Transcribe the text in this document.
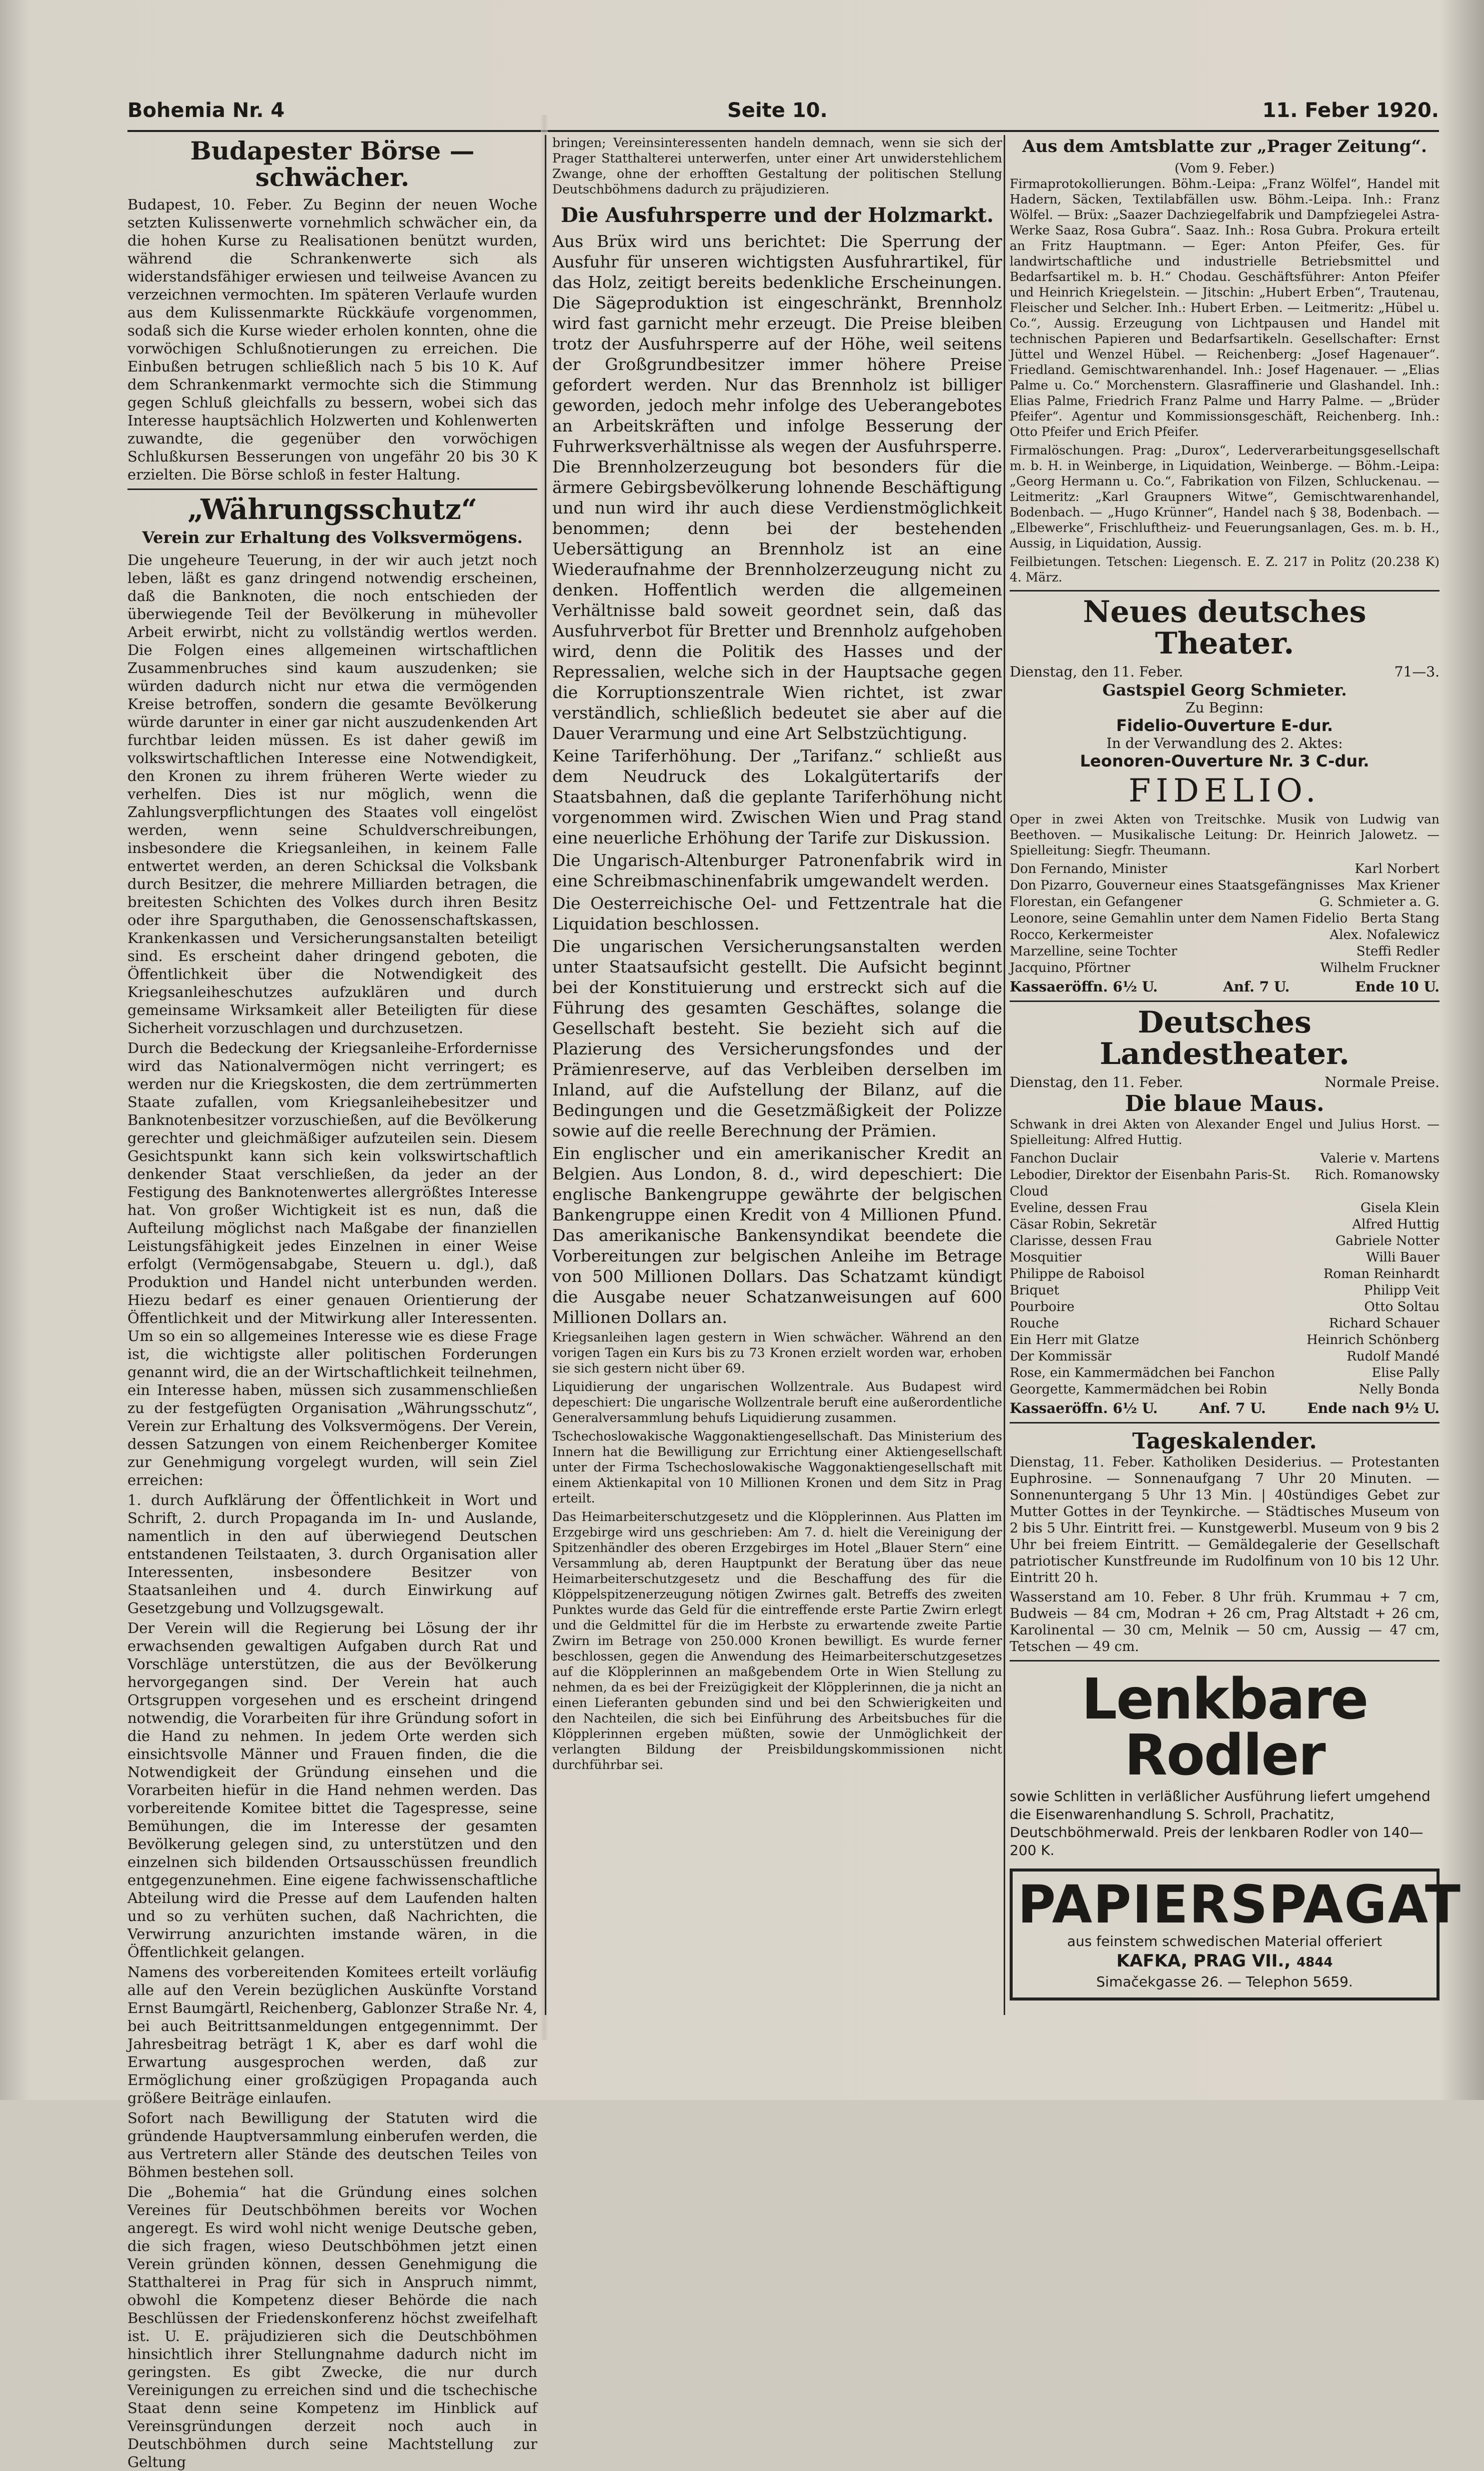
Bohemia Nr. 4	Seite 10.	11. Feber 1920.
Budapester Börse — schwächer.

Budapest, 10. Feber. Zu Beginn der neuen Woche setzten Kulissenwerte vornehmlich schwächer ein, da die hohen Kurse zu Realisationen benützt wurden, während die Schrankenwerte sich als widerstandsfähiger erwiesen und teilweise Avancen zu verzeichnen vermochten. Im späteren Verlaufe wurden aus dem Kulissenmarkte Rückkäufe vorgenommen, sodaß sich die Kurse wieder erholen konnten, ohne die vorwöchigen Schlußnotierungen zu erreichen. Die Einbußen betrugen schließlich nach 5 bis 10 K. Auf dem Schrankenmarkt vermochte sich die Stimmung gegen Schluß gleichfalls zu bessern, wobei sich das Interesse hauptsächlich Holzwerten und Kohlenwerten zuwandte, die gegenüber den vorwöchigen Schlußkursen Besserungen von ungefähr 20 bis 30 K erzielten. Die Börse schloß in fester Haltung.

„Währungsschutz“
Verein zur Erhaltung des Volksvermögens.

Die ungeheure Teuerung, in der wir auch jetzt noch leben, läßt es ganz dringend notwendig erscheinen, daß die Banknoten, die noch entschieden der überwiegende Teil der Bevölkerung in mühevoller Arbeit erwirbt, nicht zu vollständig wertlos werden. Die Folgen eines allgemeinen wirtschaftlichen Zusammenbruches sind kaum auszudenken; sie würden dadurch nicht nur etwa die vermögenden Kreise betroffen, sondern die gesamte Bevölkerung würde darunter in einer gar nicht auszudenkenden Art furchtbar leiden müssen. Es ist daher gewiß im volkswirtschaftlichen Interesse eine Notwendigkeit, den Kronen zu ihrem früheren Werte wieder zu verhelfen. Dies ist nur möglich, wenn die Zahlungsverpflichtungen des Staates voll eingelöst werden, wenn seine Schuldverschreibungen, insbesondere die Kriegsanleihen, in keinem Falle entwertet werden, an deren Schicksal die Volksbank durch Besitzer, die mehrere Milliarden betragen, die breitesten Schichten des Volkes durch ihren Besitz oder ihre Sparguthaben, die Genossenschaftskassen, Krankenkassen und Versicherungsanstalten beteiligt sind. Es erscheint daher dringend geboten, die Öffentlichkeit über die Notwendigkeit des Kriegsanleiheschutzes aufzuklären und durch gemeinsame Wirksamkeit aller Beteiligten für diese Sicherheit vorzuschlagen und durchzusetzen.

Durch die Bedeckung der Kriegsanleihe-Erfordernisse wird das Nationalvermögen nicht verringert; es werden nur die Kriegskosten, die dem zertrümmerten Staate zufallen, vom Kriegsanleihebesitzer und Banknotenbesitzer vorzuschießen, auf die Bevölkerung gerechter und gleichmäßiger aufzuteilen sein. Diesem Gesichtspunkt kann sich kein volkswirtschaftlich denkender Staat verschließen, da jeder an der Festigung des Banknotenwertes allergrößtes Interesse hat. Von großer Wichtigkeit ist es nun, daß die Aufteilung möglichst nach Maßgabe der finanziellen Leistungsfähigkeit jedes Einzelnen in einer Weise erfolgt (Vermögensabgabe, Steuern u. dgl.), daß Produktion und Handel nicht unterbunden werden. Hiezu bedarf es einer genauen Orientierung der Öffentlichkeit und der Mitwirkung aller Interessenten. Um so ein so allgemeines Interesse wie es diese Frage ist, die wichtigste aller politischen Forderungen genannt wird, die an der Wirtschaftlichkeit teilnehmen, ein Interesse haben, müssen sich zusammenschließen zu der festgefügten Organisation „Währungsschutz“, Verein zur Erhaltung des Volksvermögens. Der Verein, dessen Satzungen von einem Reichenberger Komitee zur Genehmigung vorgelegt wurden, will sein Ziel erreichen:

1. durch Aufklärung der Öffentlichkeit in Wort und Schrift, 2. durch Propaganda im In- und Auslande, namentlich in den auf überwiegend Deutschen entstandenen Teilstaaten, 3. durch Organisation aller Interessenten, insbesondere Besitzer von Staatsanleihen und 4. durch Einwirkung auf Gesetzgebung und Vollzugsgewalt.

Der Verein will die Regierung bei Lösung der ihr erwachsenden gewaltigen Aufgaben durch Rat und Vorschläge unterstützen, die aus der Bevölkerung hervorgegangen sind. Der Verein hat auch Ortsgruppen vorgesehen und es erscheint dringend notwendig, die Vorarbeiten für ihre Gründung sofort in die Hand zu nehmen. In jedem Orte werden sich einsichtsvolle Männer und Frauen finden, die die Notwendigkeit der Gründung einsehen und die Vorarbeiten hiefür in die Hand nehmen werden. Das vorbereitende Komitee bittet die Tagespresse, seine Bemühungen, die im Interesse der gesamten Bevölkerung gelegen sind, zu unterstützen und den einzelnen sich bildenden Ortsausschüssen freundlich entgegenzunehmen. Eine eigene fachwissenschaftliche Abteilung wird die Presse auf dem Laufenden halten und so zu verhüten suchen, daß Nachrichten, die Verwirrung anzurichten imstande wären, in die Öffentlichkeit gelangen.

Namens des vorbereitenden Komitees erteilt vorläufig alle auf den Verein bezüglichen Auskünfte Vorstand Ernst Baumgärtl, Reichenberg, Gablonzer Straße Nr. 4, bei auch Beitrittsanmeldungen entgegennimmt. Der Jahresbeitrag beträgt 1 K, aber es darf wohl die Erwartung ausgesprochen werden, daß zur Ermöglichung einer großzügigen Propaganda auch größere Beiträge einlaufen.

Sofort nach Bewilligung der Statuten wird die gründende Hauptversammlung einberufen werden, die aus Vertretern aller Stände des deutschen Teiles von Böhmen bestehen soll.

Die „Bohemia“ hat die Gründung eines solchen Vereines für Deutschböhmen bereits vor Wochen angeregt. Es wird wohl nicht wenige Deutsche geben, die sich fragen, wieso Deutschböhmen jetzt einen Verein gründen können, dessen Genehmigung die Statthalterei in Prag für sich in Anspruch nimmt, obwohl die Kompetenz dieser Behörde die nach Beschlüssen der Friedenskonferenz höchst zweifelhaft ist. U. E. präjudizieren sich die Deutschböhmen hinsichtlich ihrer Stellungnahme dadurch nicht im geringsten. Es gibt Zwecke, die nur durch Vereinigungen zu erreichen sind und die tschechische Staat denn seine Kompetenz im Hinblick auf Vereinsgründungen derzeit noch auch in Deutschböhmen durch seine Machtstellung zur Geltung

bringen; Vereinsinteressenten handeln demnach, wenn sie sich der Prager Statthalterei unterwerfen, unter einer Art unwiderstehlichem Zwange, ohne der erhofften Gestaltung der politischen Stellung Deutschböhmens dadurch zu präjudizieren.

Die Ausfuhrsperre und der Holzmarkt.

Aus Brüx wird uns berichtet: Die Sperrung der Ausfuhr für unseren wichtigsten Ausfuhrartikel, für das Holz, zeitigt bereits bedenkliche Erscheinungen. Die Sägeproduktion ist eingeschränkt, Brennholz wird fast garnicht mehr erzeugt. Die Preise bleiben trotz der Ausfuhrsperre auf der Höhe, weil seitens der Großgrundbesitzer immer höhere Preise gefordert werden. Nur das Brennholz ist billiger geworden, jedoch mehr infolge des Ueberangebotes an Arbeitskräften und infolge Besserung der Fuhrwerksverhältnisse als wegen der Ausfuhrsperre. Die Brennholzerzeugung bot besonders für die ärmere Gebirgsbevölkerung lohnende Beschäftigung und nun wird ihr auch diese Verdienstmöglichkeit benommen; denn bei der bestehenden Uebersättigung an Brennholz ist an eine Wiederaufnahme der Brennholzerzeugung nicht zu denken. Hoffentlich werden die allgemeinen Verhältnisse bald soweit geordnet sein, daß das Ausfuhrverbot für Bretter und Brennholz aufgehoben wird, denn die Politik des Hasses und der Repressalien, welche sich in der Hauptsache gegen die Korruptionszentrale Wien richtet, ist zwar verständlich, schließlich bedeutet sie aber auf die Dauer Verarmung und eine Art Selbstzüchtigung.

Keine Tariferhöhung. Der „Tarifanz.“ schließt aus dem Neudruck des Lokalgütertarifs der Staatsbahnen, daß die geplante Tariferhöhung nicht vorgenommen wird. Zwischen Wien und Prag stand eine neuerliche Erhöhung der Tarife zur Diskussion.

Die Ungarisch-Altenburger Patronenfabrik wird in eine Schreibmaschinenfabrik umgewandelt werden.

Die Oesterreichische Oel- und Fettzentrale hat die Liquidation beschlossen.

Die ungarischen Versicherungsanstalten werden unter Staatsaufsicht gestellt. Die Aufsicht beginnt bei der Konstituierung und erstreckt sich auf die Führung des gesamten Geschäftes, solange die Gesellschaft besteht. Sie bezieht sich auf die Plazierung des Versicherungsfondes und der Prämienreserve, auf das Verbleiben derselben im Inland, auf die Aufstellung der Bilanz, auf die Bedingungen und die Gesetzmäßigkeit der Polizze sowie auf die reelle Berechnung der Prämien.

Ein englischer und ein amerikanischer Kredit an Belgien. Aus London, 8. d., wird depeschiert: Die englische Bankengruppe gewährte der belgischen Bankengruppe einen Kredit von 4 Millionen Pfund. Das amerikanische Bankensyndikat beendete die Vorbereitungen zur belgischen Anleihe im Betrage von 500 Millionen Dollars. Das Schatzamt kündigt die Ausgabe neuer Schatzanweisungen auf 600 Millionen Dollars an.

Kriegsanleihen lagen gestern in Wien schwächer. Während an den vorigen Tagen ein Kurs bis zu 73 Kronen erzielt worden war, erhoben sie sich gestern nicht über 69.

Liquidierung der ungarischen Wollzentrale. Aus Budapest wird depeschiert: Die ungarische Wollzentrale beruft eine außerordentliche Generalversammlung behufs Liquidierung zusammen.

Tschechoslowakische Waggonaktiengesellschaft. Das Ministerium des Innern hat die Bewilligung zur Errichtung einer Aktiengesellschaft unter der Firma Tschechoslowakische Waggonaktiengesellschaft mit einem Aktienkapital von 10 Millionen Kronen und dem Sitz in Prag erteilt.

Das Heimarbeiterschutzgesetz und die Klöpplerinnen. Aus Platten im Erzgebirge wird uns geschrieben: Am 7. d. hielt die Vereinigung der Spitzenhändler des oberen Erzgebirges im Hotel „Blauer Stern“ eine Versammlung ab, deren Hauptpunkt der Beratung über das neue Heimarbeiterschutzgesetz und die Beschaffung des für die Klöppelspitzenerzeugung nötigen Zwirnes galt. Betreffs des zweiten Punktes wurde das Geld für die eintreffende erste Partie Zwirn erlegt und die Geldmittel für die im Herbste zu erwartende zweite Partie Zwirn im Betrage von 250.000 Kronen bewilligt. Es wurde ferner beschlossen, gegen die Anwendung des Heimarbeiterschutzgesetzes auf die Klöpplerinnen an maßgebendem Orte in Wien Stellung zu nehmen, da es bei der Freizügigkeit der Klöpplerinnen, die ja nicht an einen Lieferanten gebunden sind und bei den Schwierigkeiten und den Nachteilen, die sich bei Einführung des Arbeitsbuches für die Klöpplerinnen ergeben müßten, sowie der Unmöglichkeit der verlangten Bildung der Preisbildungskommissionen nicht durchführbar sei.

Aus dem Amtsblatte zur „Prager Zeitung“.
(Vom 9. Feber.)

Firmaprotokollierungen. Böhm.-Leipa: „Franz Wölfel“, Handel mit Hadern, Säcken, Textilabfällen usw. Böhm.-Leipa. Inh.: Franz Wölfel. — Brüx: „Saazer Dachziegelfabrik und Dampfziegelei Astra-Werke Saaz, Rosa Gubra“. Saaz. Inh.: Rosa Gubra. Prokura erteilt an Fritz Hauptmann. — Eger: Anton Pfeifer, Ges. für landwirtschaftliche und industrielle Betriebsmittel und Bedarfsartikel m. b. H.“ Chodau. Geschäftsführer: Anton Pfeifer und Heinrich Kriegelstein. — Jitschin: „Hubert Erben“, Trautenau, Fleischer und Selcher. Inh.: Hubert Erben. — Leitmeritz: „Hübel u. Co.“, Aussig. Erzeugung von Lichtpausen und Handel mit technischen Papieren und Bedarfsartikeln. Gesellschafter: Ernst Jüttel und Wenzel Hübel. — Reichenberg: „Josef Hagenauer“. Friedland. Gemischtwarenhandel. Inh.: Josef Hagenauer. — „Elias Palme u. Co.“ Morchenstern. Glasraffinerie und Glashandel. Inh.: Elias Palme, Friedrich Franz Palme und Harry Palme. — „Brüder Pfeifer“. Agentur und Kommissionsgeschäft, Reichenberg. Inh.: Otto Pfeifer und Erich Pfeifer.

Firmalöschungen. Prag: „Durox“, Lederverarbeitungsgesellschaft m. b. H. in Weinberge, in Liquidation, Weinberge. — Böhm.-Leipa: „Georg Hermann u. Co.“, Fabrikation von Filzen, Schluckenau. — Leitmeritz: „Karl Graupners Witwe“, Gemischtwarenhandel, Bodenbach. — „Hugo Krünner“, Handel nach § 38, Bodenbach. — „Elbewerke“, Frischluftheiz- und Feuerungsanlagen, Ges. m. b. H., Aussig, in Liquidation, Aussig.

Feilbietungen. Tetschen: Liegensch. E. Z. 217 in Politz (20.238 K) 4. März.

Neues deutsches Theater.
Dienstag, den 11. Feber.	71—3.
Gastspiel Georg Schmieter.
Zu Beginn:
Fidelio-Ouverture E-dur.
In der Verwandlung des 2. Aktes:
Leonoren-Ouverture Nr. 3 C-dur.
FIDELIO.

Oper in zwei Akten von Treitschke. Musik von Ludwig van Beethoven. — Musikalische Leitung: Dr. Heinrich Jalowetz. — Spielleitung: Siegfr. Theumann.

Don Fernando, Minister	Karl Norbert
Don Pizarro, Gouverneur eines Staatsgefängnisses Max Kriener
Florestan, ein Gefangener	G. Schmieter a. G.
Leonore, seine Gemahlin unter dem Namen Fidelio Berta Stang
Rocco, Kerkermeister	Alex. Nofalewicz
Marzelline, seine Tochter	Steffi Redler
Jacquino, Pförtner	Wilhelm Fruckner
Kassaeröffn. 6½ U.	Anf. 7 U.	Ende 10 U.
Deutsches Landestheater.
Dienstag, den 11. Feber.	Normale Preise.
Die blaue Maus.

Schwank in drei Akten von Alexander Engel und Julius Horst. — Spielleitung: Alfred Huttig.

Fanchon Duclair	Valerie v. Martens
Lebodier, Direktor der Eisenbahn Paris-St. Cloud
Rich. Romanowsky
Eveline, dessen Frau	Gisela Klein
Cäsar Robin, Sekretär	Alfred Huttig
Clarisse, dessen Frau	Gabriele Notter
Mosquitier	Willi Bauer
Philippe de Raboisol	Roman Reinhardt
Briquet	Philipp Veit
Pourboire	Otto Soltau
Rouche	Richard Schauer
Ein Herr mit Glatze	Heinrich Schönberg
Der Kommissär	Rudolf Mandé
Rose, ein Kammermädchen bei Fanchon	Elise Pally
Georgette, Kammermädchen bei Robin	Nelly Bonda
Kassaeröffn. 6½ U.	Anf. 7 U.	Ende nach 9½ U.
Tageskalender.

Dienstag, 11. Feber. Katholiken Desiderius. — Protestanten Euphrosine. — Sonnenaufgang 7 Uhr 20 Minuten. — Sonnenuntergang 5 Uhr 13 Min. | 40stündiges Gebet zur Mutter Gottes in der Teynkirche. — Städtisches Museum von 2 bis 5 Uhr. Eintritt frei. — Kunstgewerbl. Museum von 9 bis 2 Uhr bei freiem Eintritt. — Gemäldegalerie der Gesellschaft patriotischer Kunstfreunde im Rudolfinum von 10 bis 12 Uhr. Eintritt 20 h.

Wasserstand am 10. Feber. 8 Uhr früh. Krummau + 7 cm, Budweis — 84 cm, Modran + 26 cm, Prag Altstadt + 26 cm, Karolinental — 30 cm, Melnik — 50 cm, Aussig — 47 cm, Tetschen — 49 cm.

Lenkbare Rodler
sowie Schlitten in verläßlicher Ausführung liefert umgehend die Eisenwarenhandlung S. Schroll, Prachatitz, Deutschböhmerwald. Preis der lenkbaren Rodler von 140—200 K.
PAPIERSPAGAT
aus feinstem schwedischen Material offeriert
KAFKA, PRAG VII., 4844
Simačekgasse 26. — Telephon 5659.
